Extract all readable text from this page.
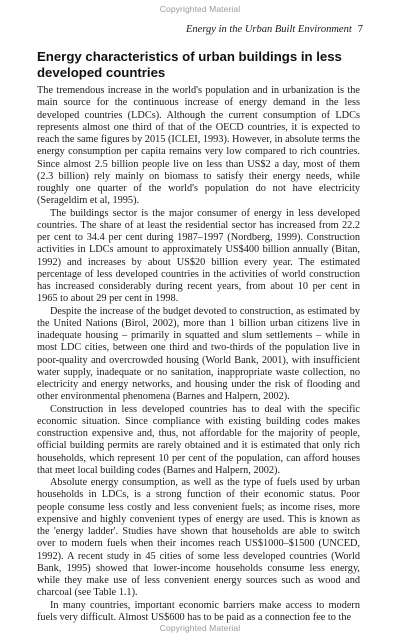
Copyrighted Material
Energy in the Urban Built Environment 7
Energy characteristics of urban buildings in less developed countries

The tremendous increase in the world's population and in urbanization is the main source for the continuous increase of energy demand in the less developed countries (LDCs). Although the current consumption of LDCs represents almost one third of that of the OECD countries, it is expected to reach the same figures by 2015 (ICLEI, 1993). However, in absolute terms the energy consumption per capita remains very low compared to rich countries. Since almost 2.5 billion people live on less than US$2 a day, most of them (2.3 billion) rely mainly on biomass to satisfy their energy needs, while roughly one quarter of the world's population do not have electricity (Serageldim et al, 1995).

The buildings sector is the major consumer of energy in less developed countries. The share of at least the residential sector has increased from 22.2 per cent to 34.4 per cent during 1987–1997 (Nordberg, 1999). Construction activities in LDCs amount to approximately US$400 billion annually (Bitan, 1992) and increases by about US$20 billion every year. The estimated percentage of less developed countries in the activities of world construction has increased considerably during recent years, from about 10 per cent in 1965 to about 29 per cent in 1998.

Despite the increase of the budget devoted to construction, as estimated by the United Nations (Birol, 2002), more than 1 billion urban citizens live in inadequate housing – primarily in squatted and slum settlements – while in most LDC cities, between one third and two-thirds of the population live in poor-quality and overcrowded housing (World Bank, 2001), with insufficient water supply, inadequate or no sanitation, inappropriate waste collection, no electricity and energy networks, and housing under the risk of flooding and other environmental phenomena (Barnes and Halpern, 2002).

Construction in less developed countries has to deal with the specific economic situation. Since compliance with existing building codes makes construction expensive and, thus, not affordable for the majority of people, official building permits are rarely obtained and it is estimated that only rich households, which represent 10 per cent of the population, can afford houses that meet local building codes (Barnes and Halpern, 2002).

Absolute energy consumption, as well as the type of fuels used by urban households in LDCs, is a strong function of their economic status. Poor people consume less costly and less convenient fuels; as income rises, more expensive and highly convenient types of energy are used. This is known as the 'energy ladder'. Studies have shown that households are able to switch over to modern fuels when their incomes reach US$1000–$1500 (UNCED, 1992). A recent study in 45 cities of some less developed countries (World Bank, 1995) showed that lower-income households consume less energy, while they make use of less convenient energy sources such as wood and charcoal (see Table 1.1).

In many countries, important economic barriers make access to modern fuels very difficult. Almost US$600 has to be paid as a connection fee to the

Copyrighted Material
